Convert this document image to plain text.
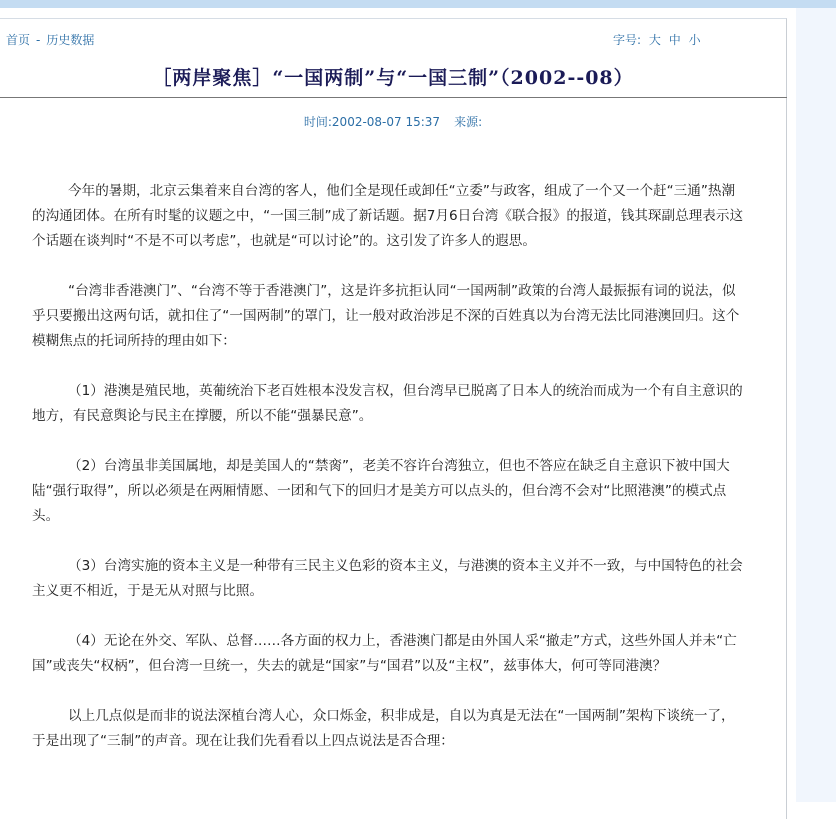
首页 - 历史数据	字号: 大 中 小
［两岸聚焦］“一国两制”与“一国三制”（2002--08）
时间:2002-08-07 15:37 来源:

今年的暑期，北京云集着来自台湾的客人，他们全是现任或卸任“立委”与政客，组成了一个又一个赶“三通”热潮的沟通团体。在所有时髦的议题之中，“一国三制”成了新话题。据7月6日台湾《联合报》的报道，钱其琛副总理表示这个话题在谈判时“不是不可以考虑”，也就是“可以讨论”的。这引发了许多人的遐思。

“台湾非香港澳门”、“台湾不等于香港澳门”，这是许多抗拒认同“一国两制”政策的台湾人最振振有词的说法，似乎只要搬出这两句话，就扣住了“一国两制”的罩门，让一般对政治涉足不深的百姓真以为台湾无法比同港澳回归。这个模糊焦点的托词所持的理由如下：

（1）港澳是殖民地，英葡统治下老百姓根本没发言权，但台湾早已脱离了日本人的统治而成为一个有自主意识的地方，有民意舆论与民主在撑腰，所以不能“强暴民意”。

（2）台湾虽非美国属地，却是美国人的“禁脔”，老美不容许台湾独立，但也不答应在缺乏自主意识下被中国大陆“强行取得”，所以必须是在两厢情愿、一团和气下的回归才是美方可以点头的，但台湾不会对“比照港澳”的模式点头。

（3）台湾实施的资本主义是一种带有三民主义色彩的资本主义，与港澳的资本主义并不一致，与中国特色的社会主义更不相近，于是无从对照与比照。

（4）无论在外交、军队、总督……各方面的权力上，香港澳门都是由外国人采“撤走”方式，这些外国人并未“亡国”或丧失“权柄”，但台湾一旦统一，失去的就是“国家”与“国君”以及“主权”，兹事体大，何可等同港澳？

以上几点似是而非的说法深植台湾人心，众口烁金，积非成是，自以为真是无法在“一国两制”架构下谈统一了，于是出现了“三制”的声音。现在让我们先看看以上四点说法是否合理：
